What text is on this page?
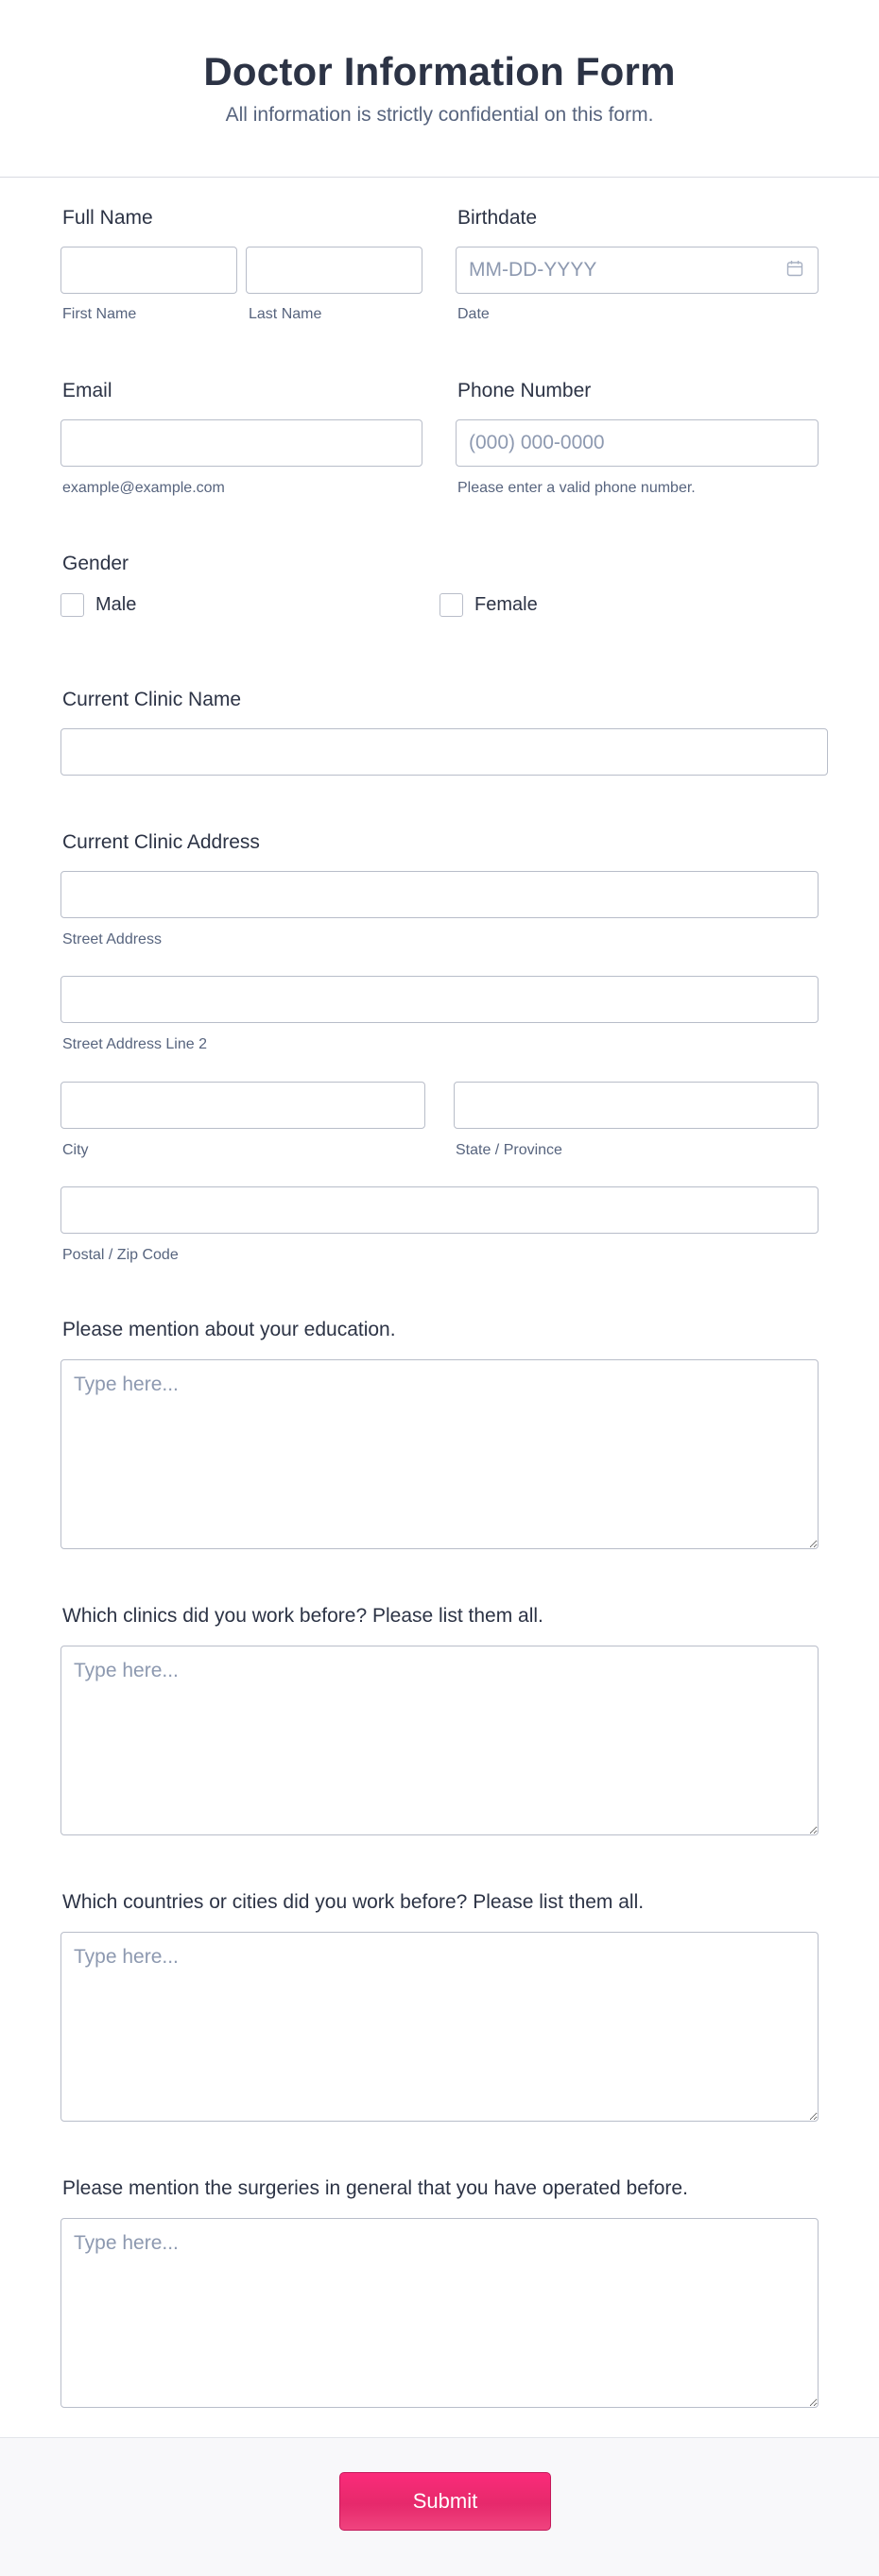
Doctor Information Form
All information is strictly confidential on this form.
Full Name
First Name	Last Name
Birthdate
MM-DD-YYYY
Date
Email
example@example.com
Phone Number
(000) 000-0000
Please enter a valid phone number.
Gender
Male	Female
Current Clinic Name
Current Clinic Address
Street Address
Street Address Line 2
City	State / Province
Postal / Zip Code
Please mention about your education.
Type here...
Which clinics did you work before? Please list them all.
Type here...
Which countries or cities did you work before? Please list them all.
Type here...
Please mention the surgeries in general that you have operated before.
Type here...
Submit
